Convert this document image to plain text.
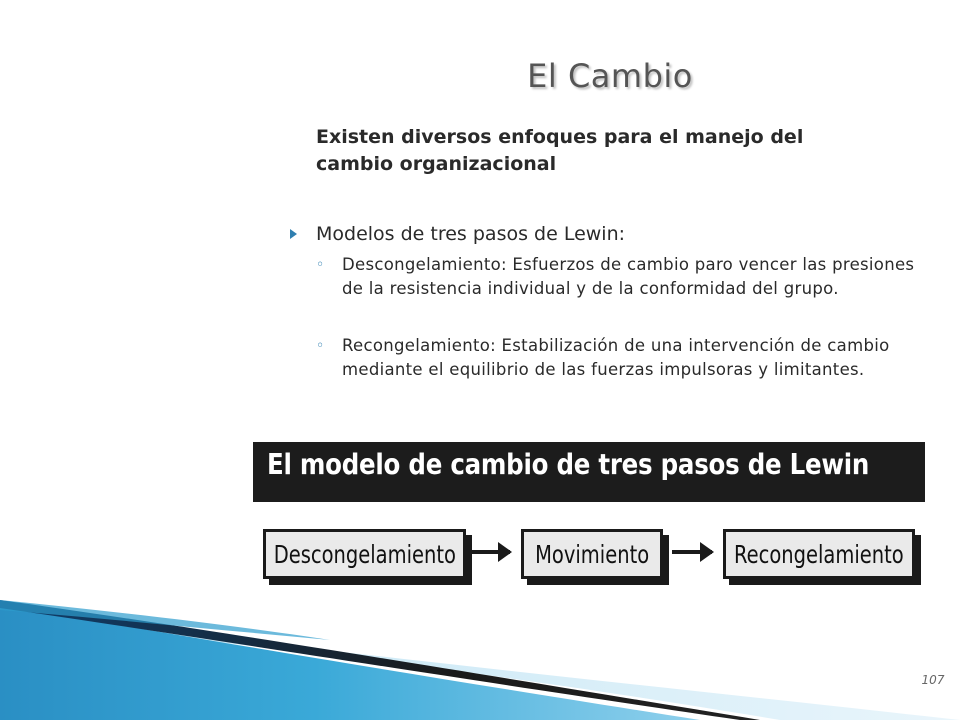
El Cambio
Existen diversos enfoques para el manejo del cambio organizacional
Modelos de tres pasos de Lewin:
◦ Descongelamiento: Esfuerzos de cambio paro vencer las presiones de la resistencia individual y de la conformidad del grupo.
◦ Recongelamiento: Estabilización de una intervención de cambio mediante el equilibrio de las fuerzas impulsoras y limitantes.
El modelo de cambio de tres pasos de Lewin
Descongelamiento	Movimiento	Recongelamiento
107
